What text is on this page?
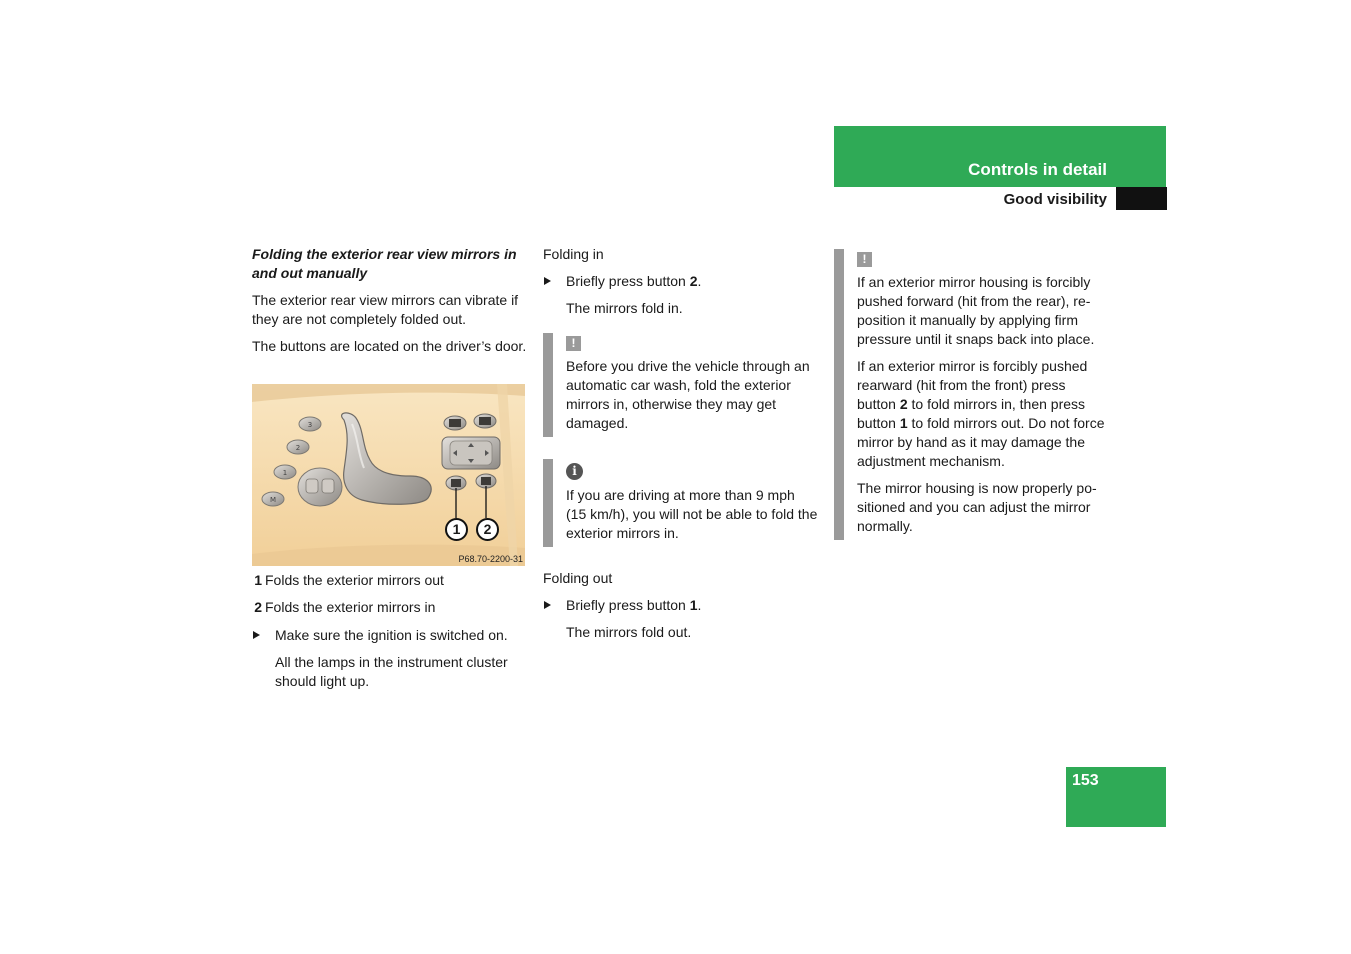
Controls in detail
Good visibility

Folding the exterior rear view mirrors in and out manually

The exterior rear view mirrors can vibrate if they are not completely folded out.

The buttons are located on the driver’s door.

3
2
1
M
1	2
P68.70-2200-31

1 Folds the exterior mirrors out

2 Folds the exterior mirrors in

Make sure the ignition is switched on.

All the lamps in the instrument cluster should light up.

Folding in

Briefly press button 2.

The mirrors fold in.

!
Before you drive the vehicle through an automatic car wash, fold the exterior mirrors in, otherwise they may get damaged.
i
If you are driving at more than 9 mph (15 km/h), you will not be able to fold the exterior mirrors in.

Folding out

Briefly press button 1.

The mirrors fold out.

!

If an exterior mirror housing is forcibly pushed forward (hit from the rear), re-position it manually by applying firm pressure until it snaps back into place.

If an exterior mirror is forcibly pushed rearward (hit from the front) press button 2 to fold mirrors in, then press button 1 to fold mirrors out. Do not force mirror by hand as it may damage the adjustment mechanism.

The mirror housing is now properly po-sitioned and you can adjust the mirror normally.

153
